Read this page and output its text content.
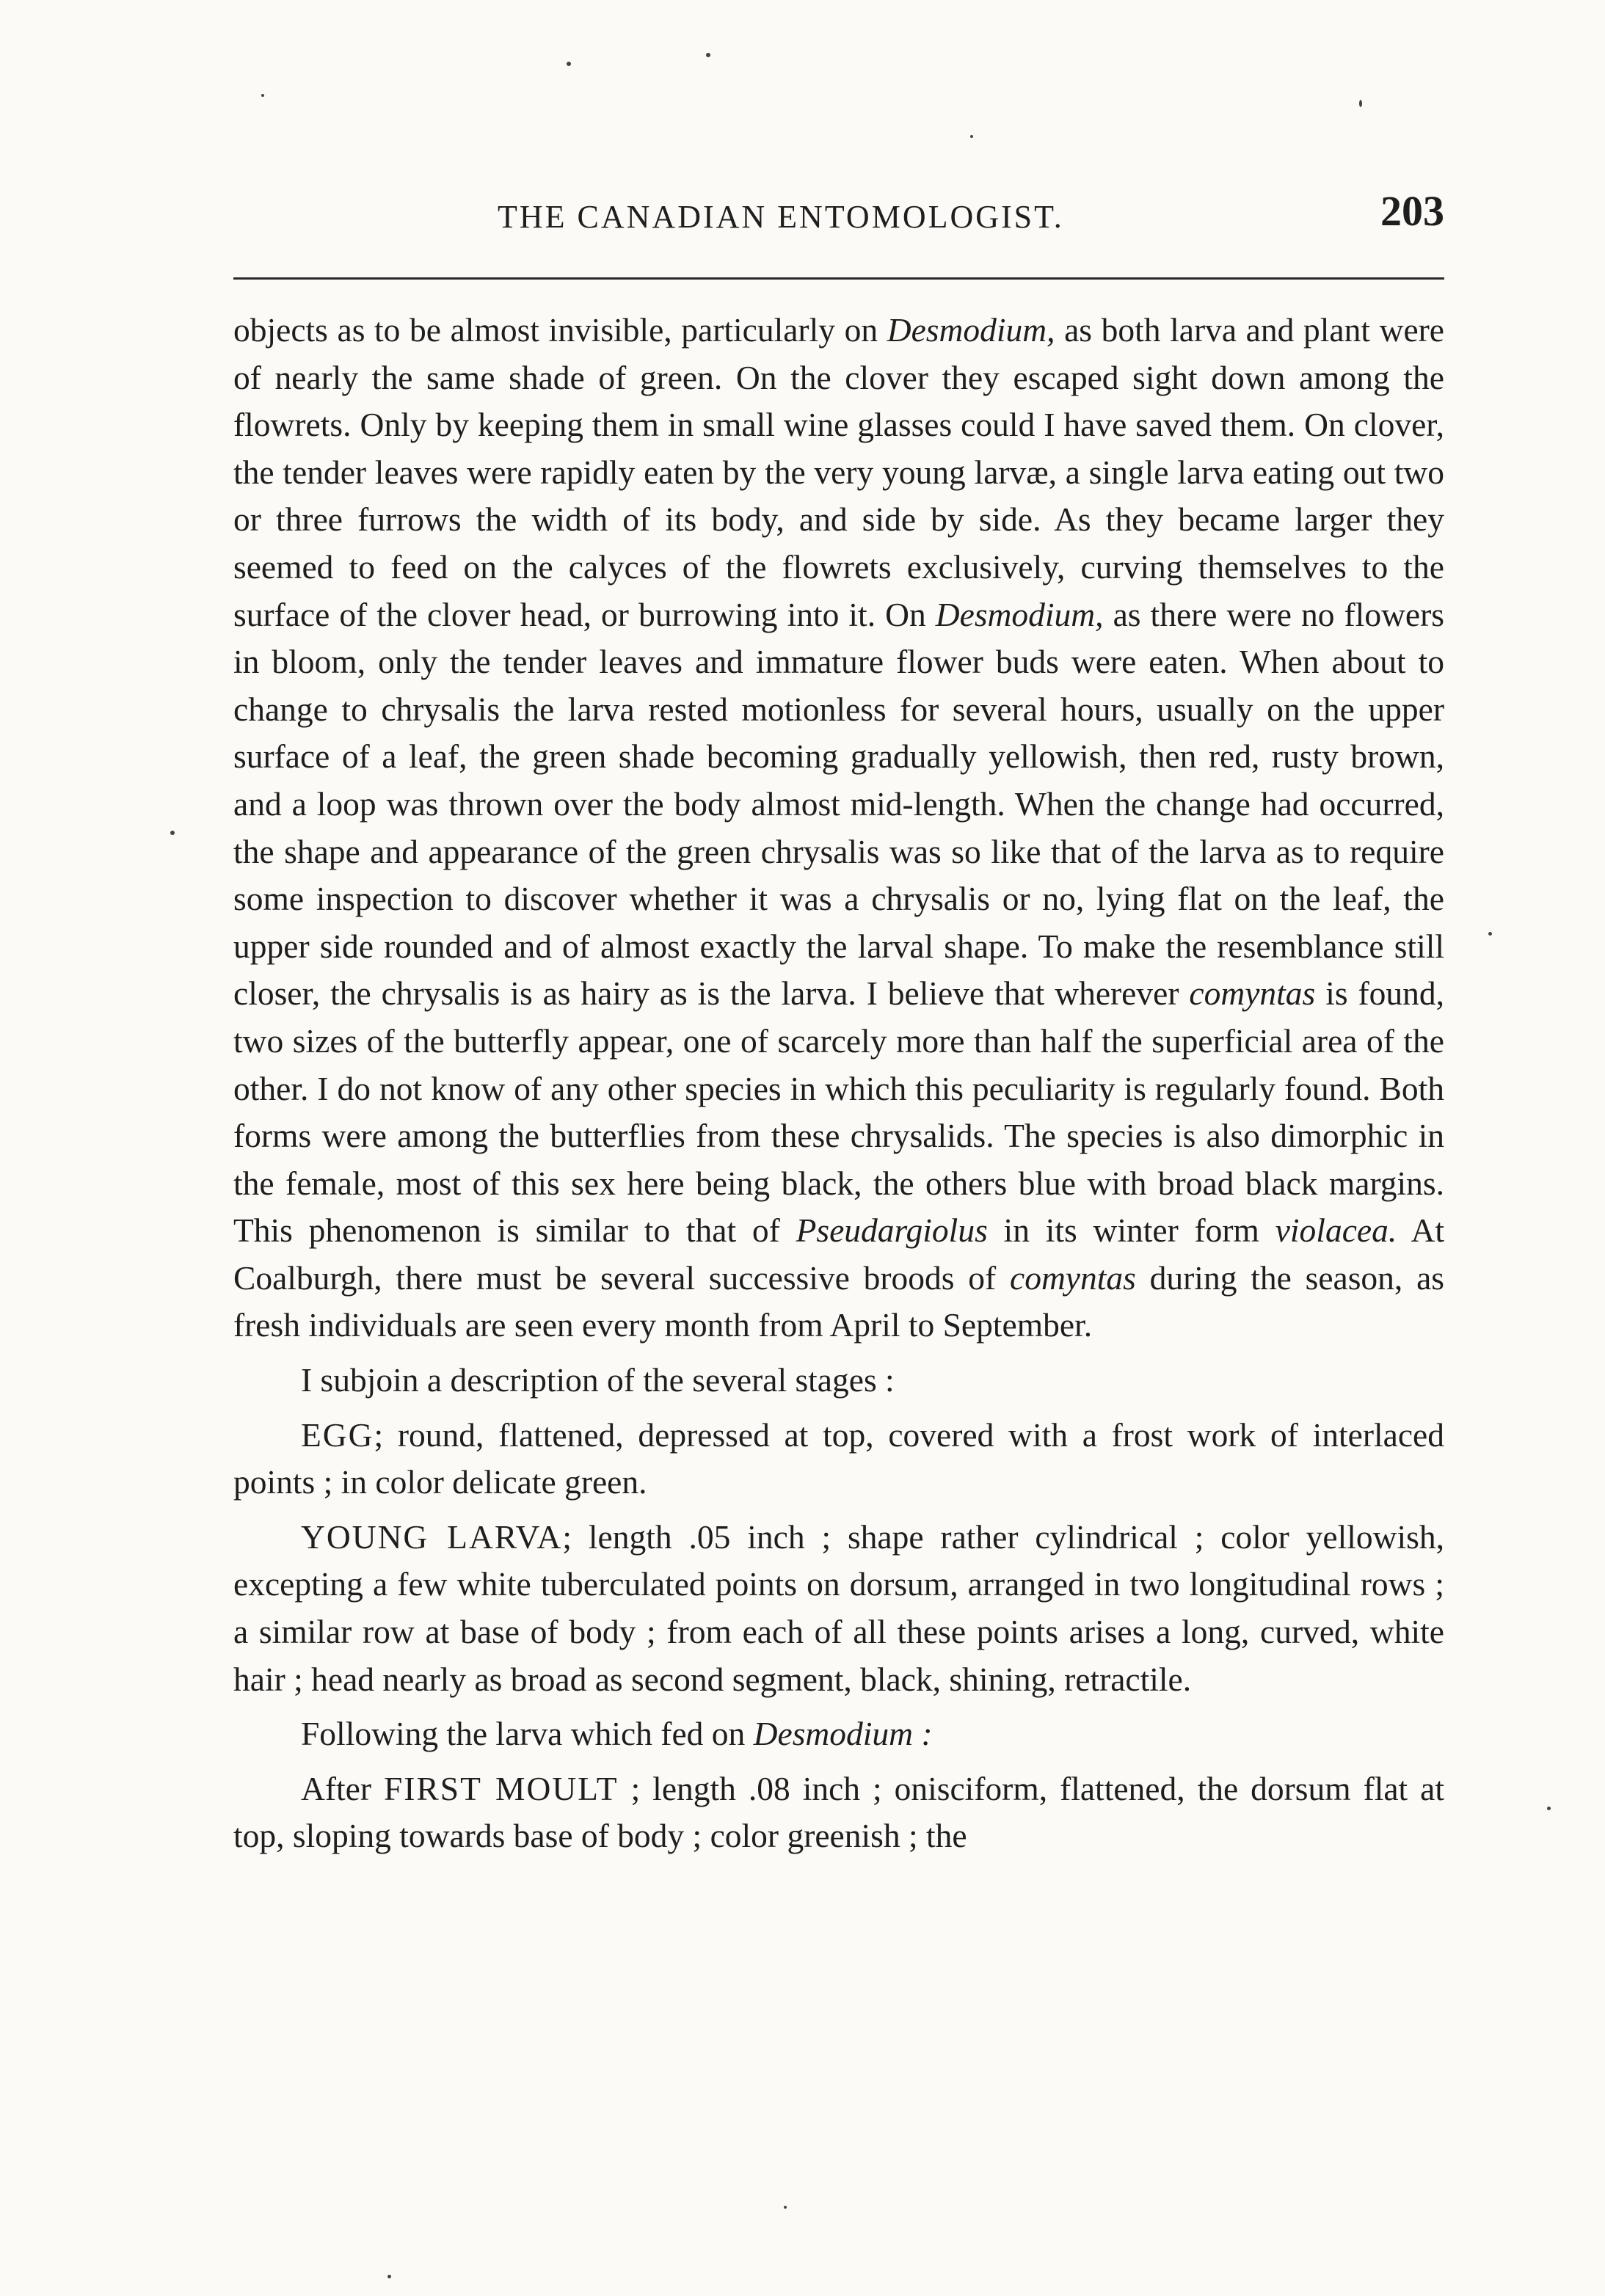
THE CANADIAN ENTOMOLOGIST.	203

objects as to be almost invisible, particularly on Desmodium, as both larva and plant were of nearly the same shade of green. On the clover they escaped sight down among the flowrets. Only by keeping them in small wine glasses could I have saved them. On clover, the tender leaves were rapidly eaten by the very young larvæ, a single larva eating out two or three furrows the width of its body, and side by side. As they became larger they seemed to feed on the calyces of the flowrets exclusively, curving themselves to the surface of the clover head, or burrowing into it. On Desmodium, as there were no flowers in bloom, only the tender leaves and immature flower buds were eaten. When about to change to chrysalis the larva rested motionless for several hours, usually on the upper surface of a leaf, the green shade becoming gradually yellowish, then red, rusty brown, and a loop was thrown over the body almost mid-length. When the change had occurred, the shape and appearance of the green chrysalis was so like that of the larva as to require some inspection to discover whether it was a chrysalis or no, lying flat on the leaf, the upper side rounded and of almost exactly the larval shape. To make the resemblance still closer, the chrysalis is as hairy as is the larva. I believe that wherever comyntas is found, two sizes of the butterfly appear, one of scarcely more than half the superficial area of the other. I do not know of any other species in which this peculiarity is regularly found. Both forms were among the butterflies from these chrysalids. The species is also dimorphic in the female, most of this sex here being black, the others blue with broad black margins. This phenomenon is similar to that of Pseudargiolus in its winter form violacea. At Coalburgh, there must be several successive broods of comyntas during the season, as fresh individuals are seen every month from April to September.

I subjoin a description of the several stages :

EGG; round, flattened, depressed at top, covered with a frost work of interlaced points ; in color delicate green.

YOUNG LARVA; length .05 inch ; shape rather cylindrical ; color yellowish, excepting a few white tuberculated points on dorsum, arranged in two longitudinal rows ; a similar row at base of body ; from each of all these points arises a long, curved, white hair ; head nearly as broad as second segment, black, shining, retractile.

Following the larva which fed on Desmodium :

After FIRST MOULT ; length .08 inch ; onisciform, flattened, the dorsum flat at top, sloping towards base of body ; color greenish ; the
